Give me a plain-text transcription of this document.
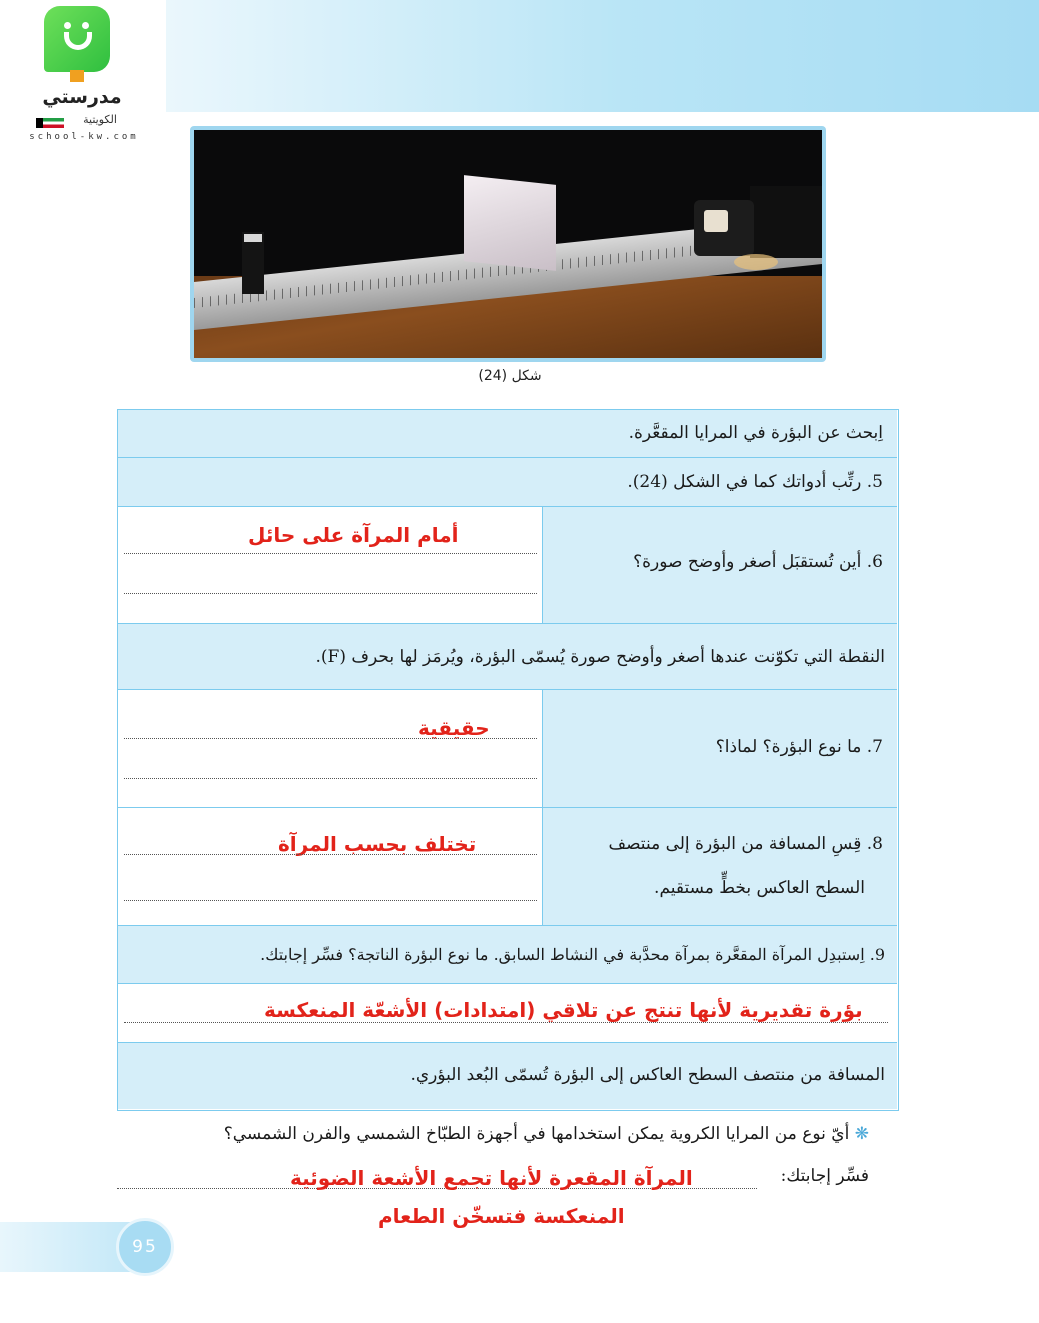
مدرستي
الكويتية
school-kw.com
شكل (24)
اِبحث عن البؤرة في المرايا المقعَّرة.
5. رتِّب أدواتك كما في الشكل (24).
أمام المرآة على حائل
6. أين تُستقبَل أصغر وأوضح صورة؟
النقطة التي تكوّنت عندها أصغر وأوضح صورة يُسمّى البؤرة، ويُرمَز لها بحرف (F).
حقيقية
7. ما نوع البؤرة؟ لماذا؟
تختلف بحسب المرآة	8. قِسِ المسافة من البؤرة إلى منتصف
السطح العاكس بخطٍّ مستقيم.
9. اِستبدِل المرآة المقعَّرة بمرآة محدَّبة في النشاط السابق. ما نوع البؤرة الناتجة؟ فسِّر إجابتك.
بؤرة تقديرية لأنها تنتج عن تلاقي (امتدادات) الأشعّة المنعكسة
المسافة من منتصف السطح العاكس إلى البؤرة تُسمّى البُعد البؤري.
❋ أيّ نوع من المرايا الكروية يمكن استخدامها في أجهزة الطبّاخ الشمسي والفرن الشمسي؟
فسِّر إجابتك:
المرآة المقعرة لأنها تجمع الأشعة الضوئية
المنعكسة فتسخّن الطعام
95
